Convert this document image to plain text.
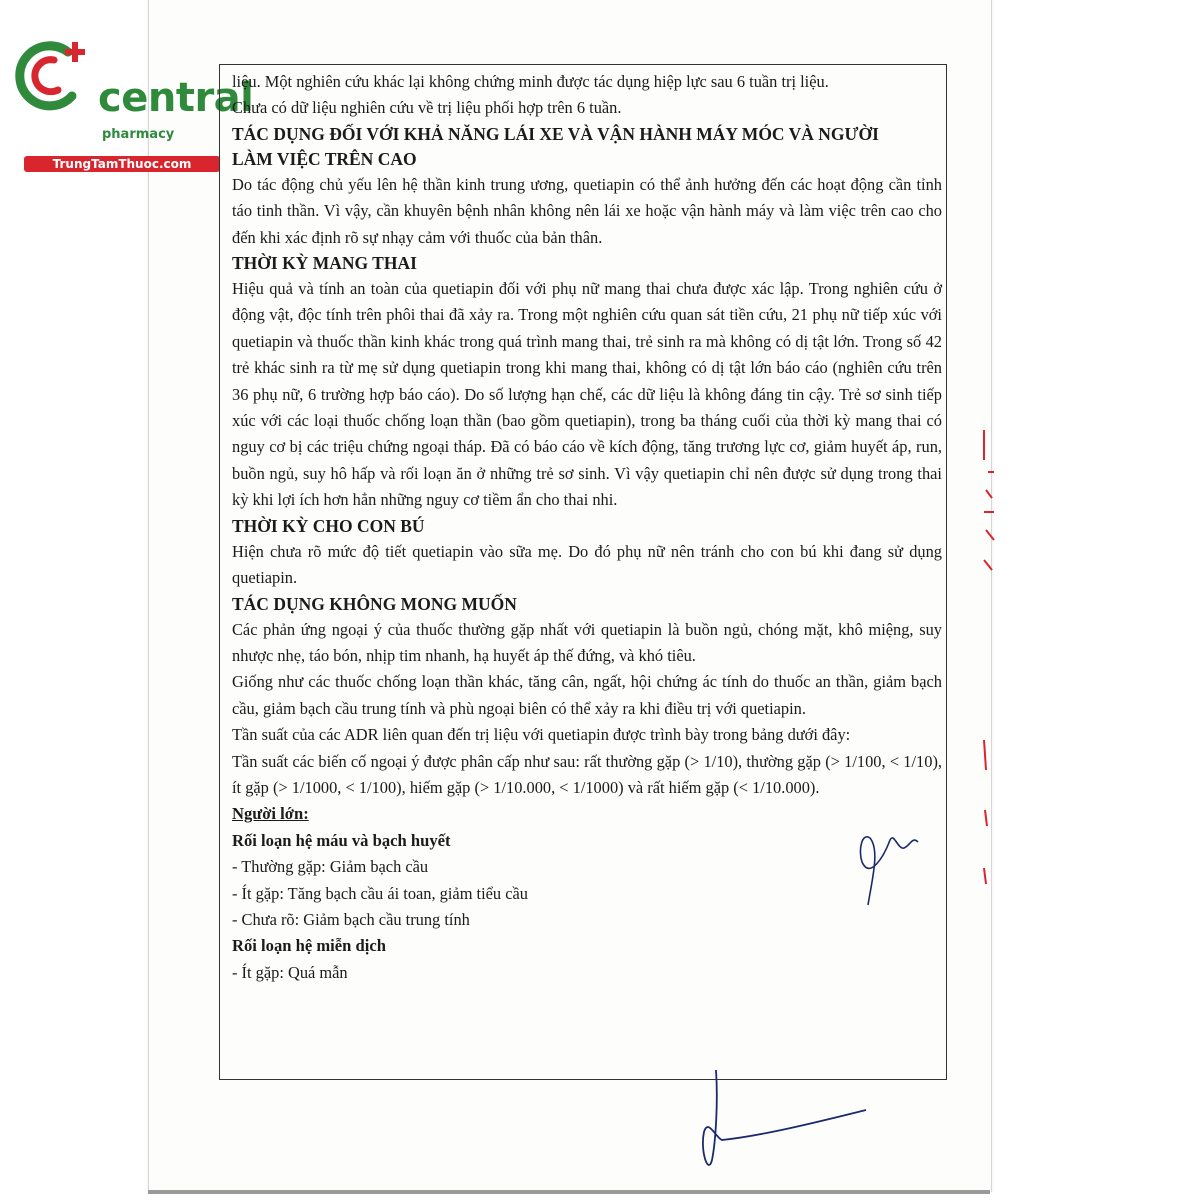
central
pharmacy
TrungTamThuoc.com

liệu. Một nghiên cứu khác lại không chứng minh được tác dụng hiệp lực sau 6 tuần trị liệu.

Chưa có dữ liệu nghiên cứu về trị liệu phối hợp trên 6 tuần.

TÁC DỤNG ĐỐI VỚI KHẢ NĂNG LÁI XE VÀ VẬN HÀNH MÁY MÓC VÀ NGƯỜI
LÀM VIỆC TRÊN CAO

Do tác động chủ yếu lên hệ thần kinh trung ương, quetiapin có thể ảnh hưởng đến các hoạt động cần tỉnh táo tinh thần. Vì vậy, cần khuyên bệnh nhân không nên lái xe hoặc vận hành máy và làm việc trên cao cho đến khi xác định rõ sự nhạy cảm với thuốc của bản thân.

THỜI KỲ MANG THAI

Hiệu quả và tính an toàn của quetiapin đối với phụ nữ mang thai chưa được xác lập. Trong nghiên cứu ở động vật, độc tính trên phôi thai đã xảy ra. Trong một nghiên cứu quan sát tiền cứu, 21 phụ nữ tiếp xúc với quetiapin và thuốc thần kinh khác trong quá trình mang thai, trẻ sinh ra mà không có dị tật lớn. Trong số 42 trẻ khác sinh ra từ mẹ sử dụng quetiapin trong khi mang thai, không có dị tật lớn báo cáo (nghiên cứu trên 36 phụ nữ, 6 trường hợp báo cáo). Do số lượng hạn chế, các dữ liệu là không đáng tin cậy. Trẻ sơ sinh tiếp xúc với các loại thuốc chống loạn thần (bao gồm quetiapin), trong ba tháng cuối của thời kỳ mang thai có nguy cơ bị các triệu chứng ngoại tháp. Đã có báo cáo về kích động, tăng trương lực cơ, giảm huyết áp, run, buồn ngủ, suy hô hấp và rối loạn ăn ở những trẻ sơ sinh. Vì vậy quetiapin chỉ nên được sử dụng trong thai kỳ khi lợi ích hơn hẳn những nguy cơ tiềm ẩn cho thai nhi.

THỜI KỲ CHO CON BÚ

Hiện chưa rõ mức độ tiết quetiapin vào sữa mẹ. Do đó phụ nữ nên tránh cho con bú khi đang sử dụng quetiapin.

TÁC DỤNG KHÔNG MONG MUỐN

Các phản ứng ngoại ý của thuốc thường gặp nhất với quetiapin là buồn ngủ, chóng mặt, khô miệng, suy nhược nhẹ, táo bón, nhịp tim nhanh, hạ huyết áp thế đứng, và khó tiêu.

Giống như các thuốc chống loạn thần khác, tăng cân, ngất, hội chứng ác tính do thuốc an thần, giảm bạch cầu, giảm bạch cầu trung tính và phù ngoại biên có thể xảy ra khi điều trị với quetiapin.

Tần suất của các ADR liên quan đến trị liệu với quetiapin được trình bày trong bảng dưới đây:

Tần suất các biến cố ngoại ý được phân cấp như sau: rất thường gặp (> 1/10), thường gặp (> 1/100, < 1/10), ít gặp (> 1/1000, < 1/100), hiếm gặp (> 1/10.000, < 1/1000) và rất hiếm gặp (< 1/10.000).

Người lớn:
Rối loạn hệ máu và bạch huyết

- Thường gặp: Giảm bạch cầu

- Ít gặp: Tăng bạch cầu ái toan, giảm tiểu cầu

- Chưa rõ: Giảm bạch cầu trung tính

Rối loạn hệ miễn dịch

- Ít gặp: Quá mẫn
